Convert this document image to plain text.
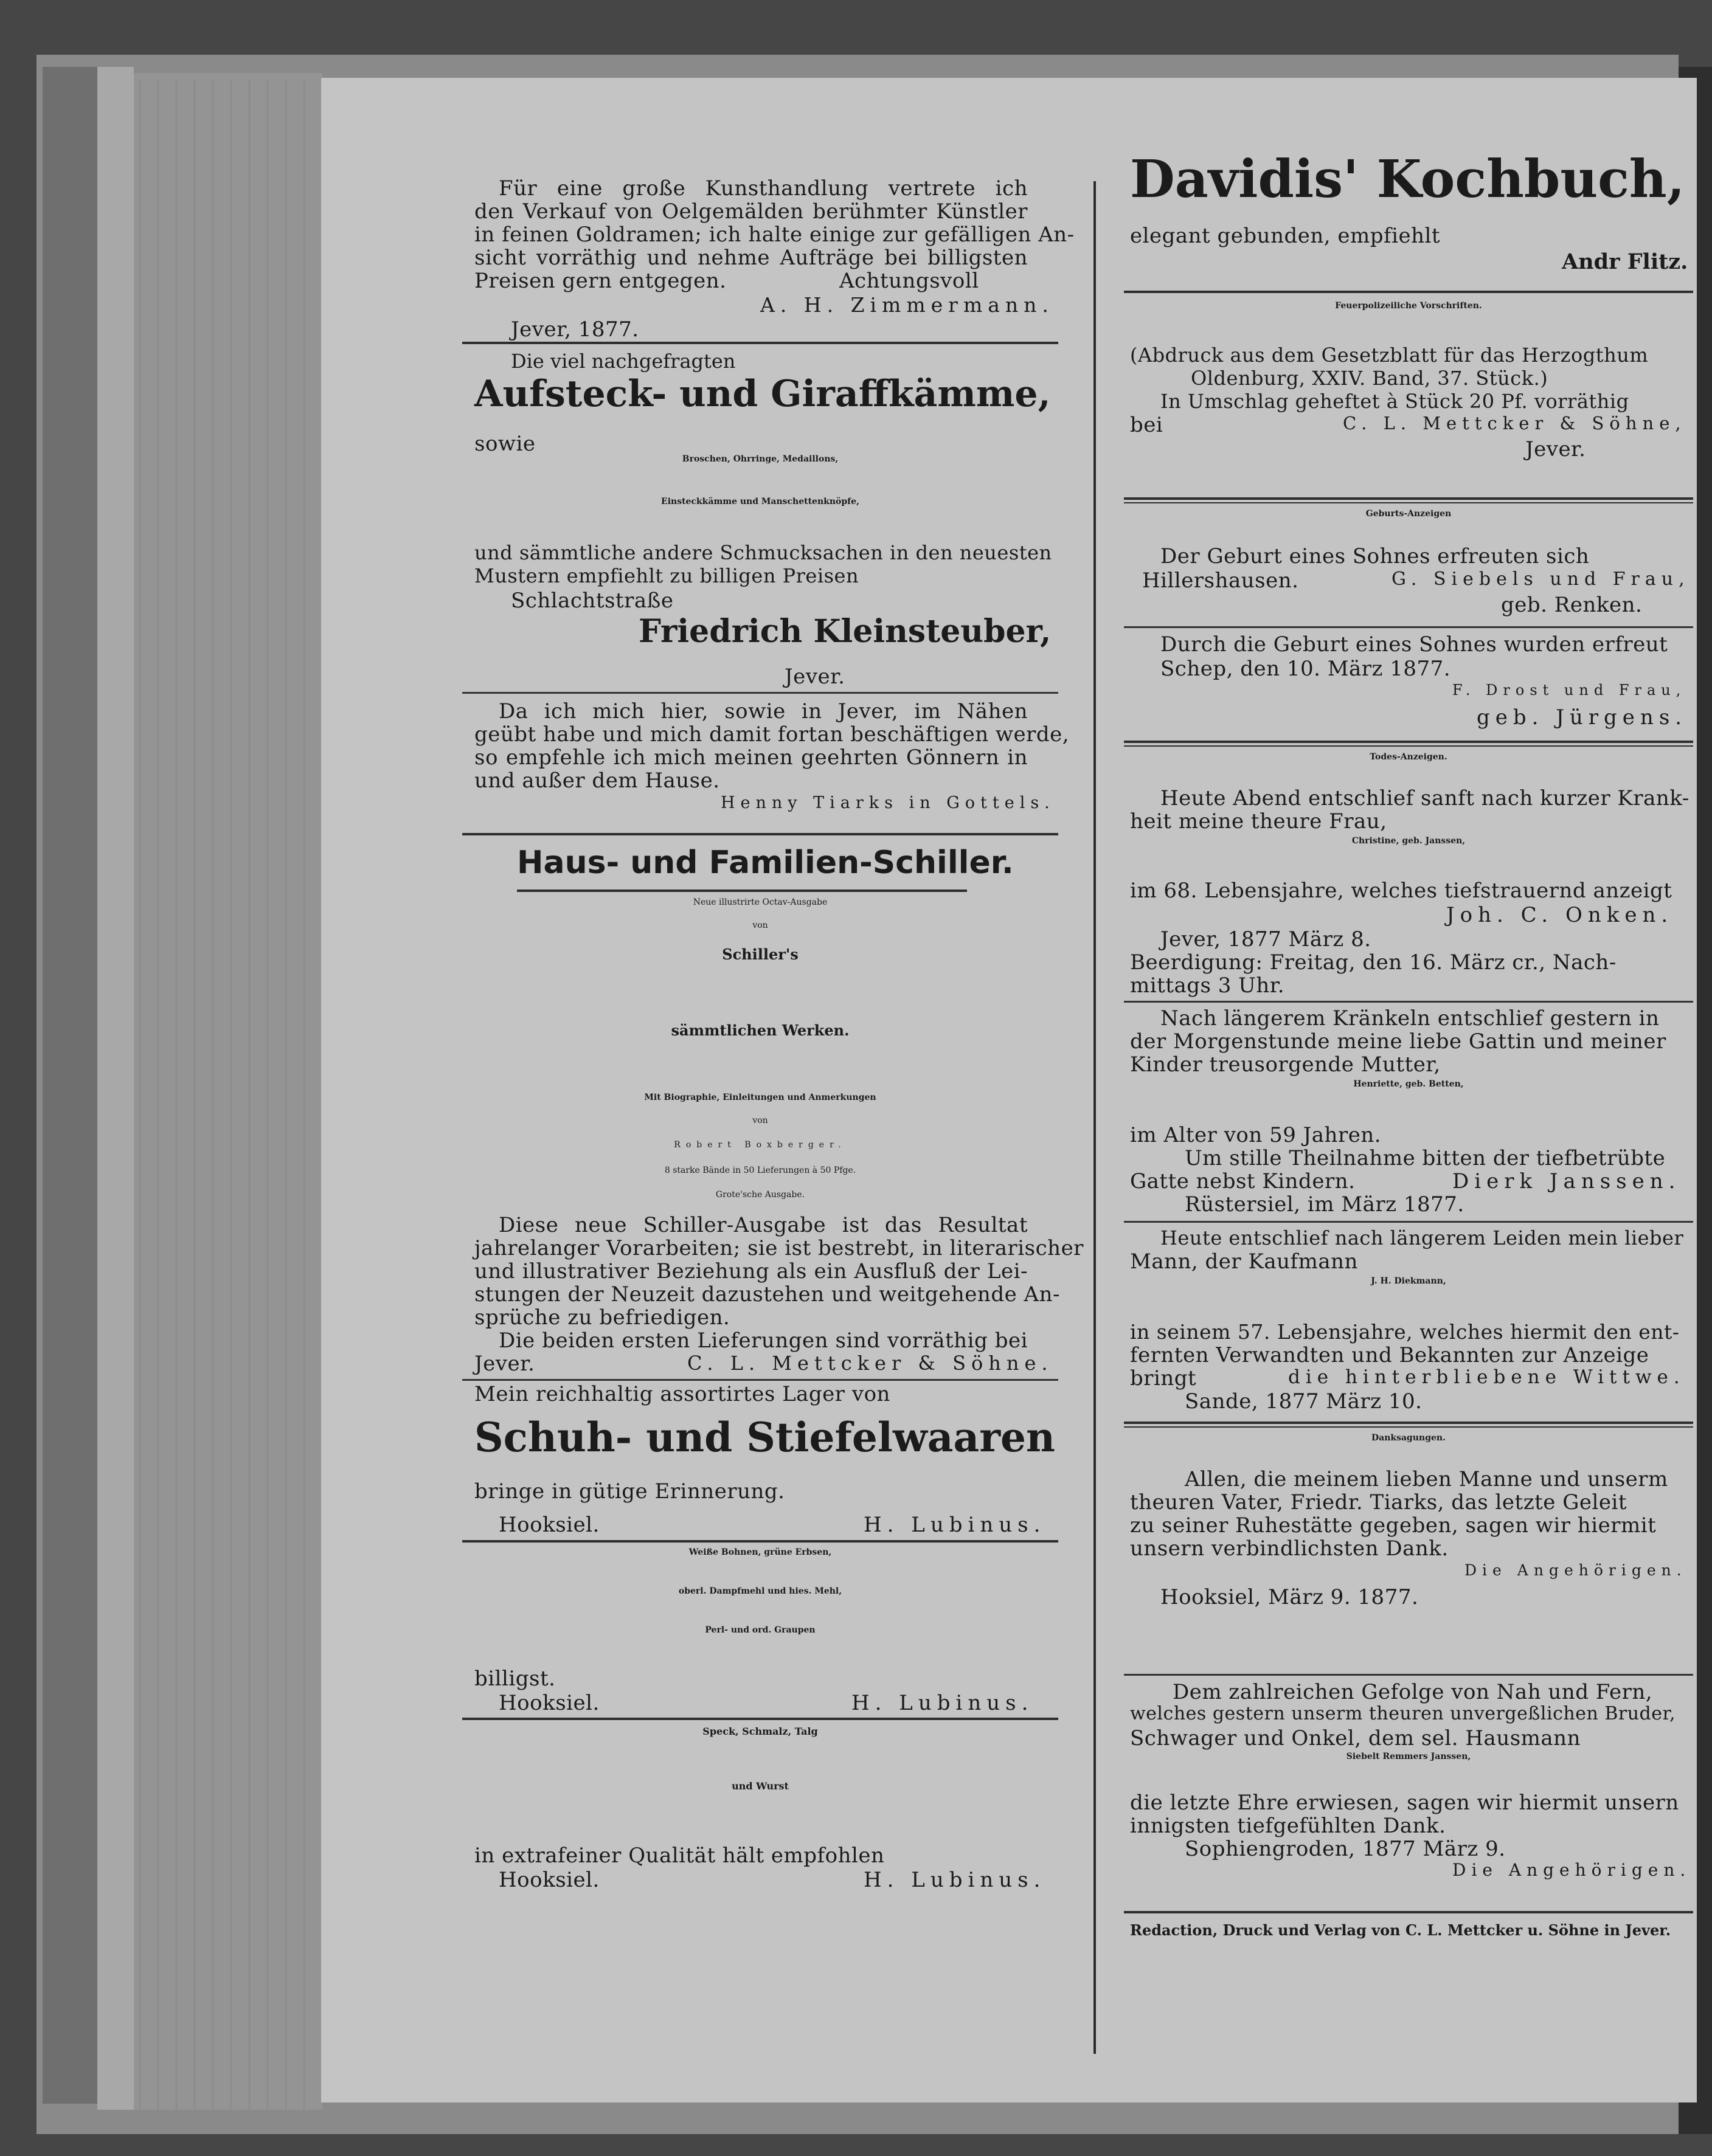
Für eine große Kunsthandlung vertrete ich
den Verkauf von Oelgemälden berühmter Künstler
in feinen Goldramen; ich halte einige zur gefälligen An-
sicht vorräthig und nehme Aufträge bei billigsten
Preisen gern entgegen.	Achtungsvoll
A. H. Zimmermann.
Jever, 1877.
Die viel nachgefragten
Aufsteck- und Giraffkämme,
sowie
Broschen, Ohrringe, Medaillons,
Einsteckkämme und Manschettenknöpfe,
und sämmtliche andere Schmucksachen in den neuesten
Mustern empfiehlt zu billigen Preisen
Schlachtstraße
Friedrich Kleinsteuber,
Jever.
Da ich mich hier, sowie in Jever, im Nähen
geübt habe und mich damit fortan beschäftigen werde,
so empfehle ich mich meinen geehrten Gönnern in
und außer dem Hause.
Henny Tiarks in Gottels.
Haus- und Familien-Schiller.
Neue illustrirte Octav-Ausgabe
von
Schiller's
sämmtlichen Werken.
Mit Biographie, Einleitungen und Anmerkungen
von
Robert Boxberger.
8 starke Bände in 50 Lieferungen à 50 Pfge.
Grote'sche Ausgabe.
Diese neue Schiller-Ausgabe ist das Resultat
jahrelanger Vorarbeiten; sie ist bestrebt, in literarischer
und illustrativer Beziehung als ein Ausfluß der Lei-
stungen der Neuzeit dazustehen und weitgehende An-
sprüche zu befriedigen.
Die beiden ersten Lieferungen sind vorräthig bei
Jever.	C. L. Mettcker & Söhne.
Mein reichhaltig assortirtes Lager von
Schuh- und Stiefelwaaren
bringe in gütige Erinnerung.
Hooksiel.	H. Lubinus.
Weiße Bohnen, grüne Erbsen,
oberl. Dampfmehl und hies. Mehl,
Perl- und ord. Graupen
billigst.
Hooksiel.	H. Lubinus.
Speck, Schmalz, Talg
und Wurst
in extrafeiner Qualität hält empfohlen
Hooksiel.	H. Lubinus.
Davidis' Kochbuch,
elegant gebunden, empfiehlt
Andr Flitz.
Feuerpolizeiliche Vorschriften.
(Abdruck aus dem Gesetzblatt für das Herzogthum
Oldenburg, XXIV. Band, 37. Stück.)
In Umschlag geheftet à Stück 20 Pf. vorräthig
bei	C. L. Mettcker & Söhne,
Jever.
Geburts-Anzeigen
Der Geburt eines Sohnes erfreuten sich
Hillershausen.	G. Siebels und Frau,
geb. Renken.
Durch die Geburt eines Sohnes wurden erfreut
Schep, den 10. März 1877.
F. Drost und Frau,
geb. Jürgens.
Todes-Anzeigen.
Heute Abend entschlief sanft nach kurzer Krank-
heit meine theure Frau,
Christine, geb. Janssen,
im 68. Lebensjahre, welches tiefstrauernd anzeigt
Joh. C. Onken.
Jever, 1877 März 8.
Beerdigung: Freitag, den 16. März cr., Nach-
mittags 3 Uhr.
Nach längerem Kränkeln entschlief gestern in
der Morgenstunde meine liebe Gattin und meiner
Kinder treusorgende Mutter,
Henriette, geb. Betten,
im Alter von 59 Jahren.
Um stille Theilnahme bitten der tiefbetrübte
Gatte nebst Kindern.	Dierk Janssen.
Rüstersiel, im März 1877.
Heute entschlief nach längerem Leiden mein lieber
Mann, der Kaufmann
J. H. Diekmann,
in seinem 57. Lebensjahre, welches hiermit den ent-
fernten Verwandten und Bekannten zur Anzeige
bringt	die hinterbliebene Wittwe.
Sande, 1877 März 10.
Danksagungen.
Allen, die meinem lieben Manne und unserm
theuren Vater, Friedr. Tiarks, das letzte Geleit
zu seiner Ruhestätte gegeben, sagen wir hiermit
unsern verbindlichsten Dank.
Die Angehörigen.
Hooksiel, März 9. 1877.
Dem zahlreichen Gefolge von Nah und Fern,
welches gestern unserm theuren unvergeßlichen Bruder,
Schwager und Onkel, dem sel. Hausmann
Siebelt Remmers Janssen,
die letzte Ehre erwiesen, sagen wir hiermit unsern
innigsten tiefgefühlten Dank.
Sophiengroden, 1877 März 9.
Die Angehörigen.
Redaction, Druck und Verlag von C. L. Mettcker u. Söhne in Jever.
